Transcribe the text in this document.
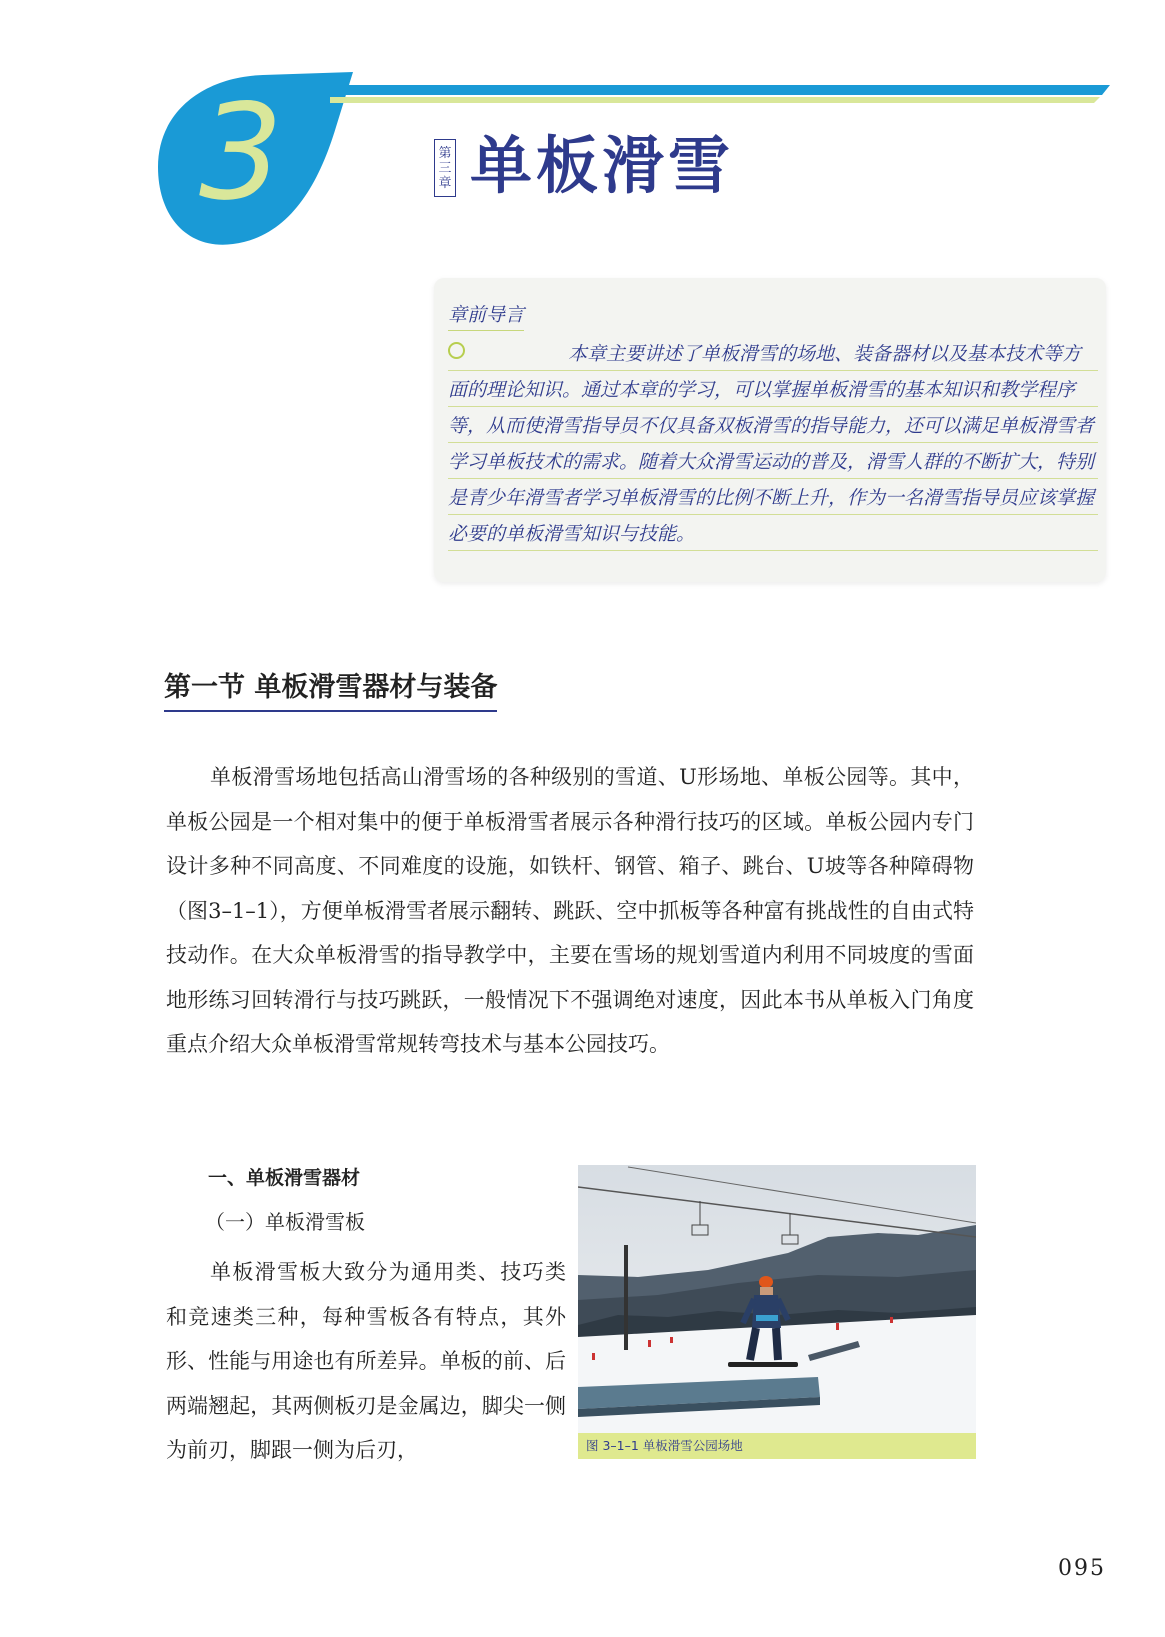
3	第三章 单板滑雪
章前导言
本章主要讲述了单板滑雪的场地、装备器材以及基本技术等方面的理论知识。通过本章的学习，可以掌握单板滑雪的基本知识和教学程序等，从而使滑雪指导员不仅具备双板滑雪的指导能力，还可以满足单板滑雪者学习单板技术的需求。随着大众滑雪运动的普及，滑雪人群的不断扩大，特别是青少年滑雪者学习单板滑雪的比例不断上升，作为一名滑雪指导员应该掌握必要的单板滑雪知识与技能。
第一节 单板滑雪器材与装备
单板滑雪场地包括高山滑雪场的各种级别的雪道、U形场地、单板公园等。其中，单板公园是一个相对集中的便于单板滑雪者展示各种滑行技巧的区域。单板公园内专门设计多种不同高度、不同难度的设施，如铁杆、钢管、箱子、跳台、U坡等各种障碍物（图3–1–1），方便单板滑雪者展示翻转、跳跃、空中抓板等各种富有挑战性的自由式特技动作。在大众单板滑雪的指导教学中，主要在雪场的规划雪道内利用不同坡度的雪面地形练习回转滑行与技巧跳跃，一般情况下不强调绝对速度，因此本书从单板入门角度重点介绍大众单板滑雪常规转弯技术与基本公园技巧。
一、单板滑雪器材
（一）单板滑雪板
单板滑雪板大致分为通用类、技巧类和竞速类三种，每种雪板各有特点，其外形、性能与用途也有所差异。单板的前、后两端翘起，其两侧板刃是金属边，脚尖一侧为前刃，脚跟一侧为后刃，	图 3–1–1 单板滑雪公园场地
095
